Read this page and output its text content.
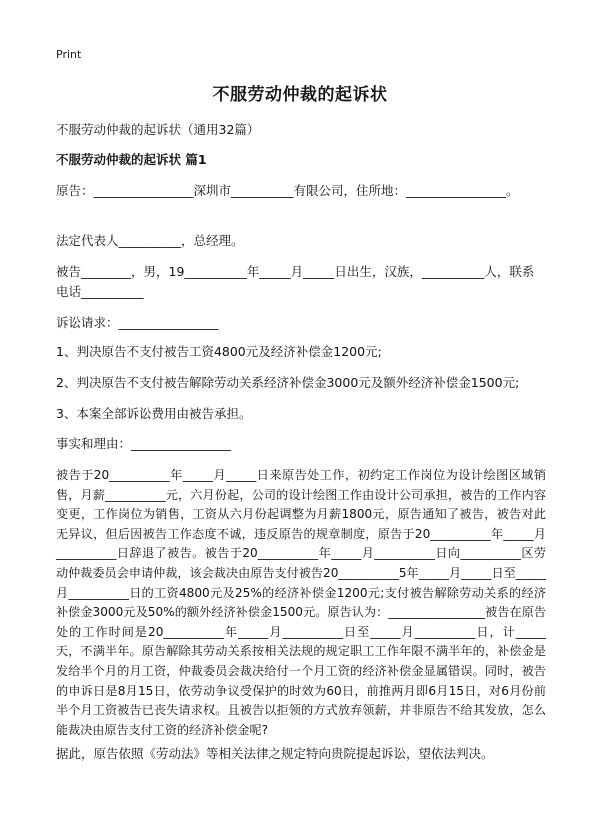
Print
不服劳动仲裁的起诉状

不服劳动仲裁的起诉状（通用32篇）

不服劳动仲裁的起诉状 篇1

原告：________________深圳市__________有限公司，住所地：________________。

法定代表人__________，总经理。

被告________，男，19__________年_____月_____日出生，汉族，__________人，联系电话__________

诉讼请求：________________

1、判决原告不支付被告工资4800元及经济补偿金1200元;

2、判决原告不支付被告解除劳动关系经济补偿金3000元及额外经济补偿金1500元;

3、本案全部诉讼费用由被告承担。

事实和理由：________________

被告于20__________年_____月_____日来原告处工作，初约定工作岗位为设计绘图区域销售，月薪__________元，六月份起，公司的设计绘图工作由设计公司承担，被告的工作内容变更，工作岗位为销售，工资从六月份起调整为月薪1800元，原告通知了被告，被告对此无异议，但后因被告工作态度不诚，违反原告的规章制度，原告于20__________年_____月__________日辞退了被告。被告于20__________年_____月__________日向__________区劳动仲裁委员会申请仲裁，该会裁决由原告支付被告20__________5年_____月_____日至_____月__________日的工资4800元及25%的经济补偿金1200元;支付被告解除劳动关系的经济补偿金3000元及50%的额外经济补偿金1500元。原告认为：________________被告在原告处的工作时间是20__________年_____月__________日至_____月__________日，计_____天，不满半年。原告解除其劳动关系按相关法规的规定职工工作年限不满半年的，补偿金是发给半个月的月工资，仲裁委员会裁决给付一个月工资的经济补偿金显属错误。同时，被告的申诉日是8月15日，依劳动争议受保护的时效为60日，前推两月即6月15日，对6月份前半个月工资被告已丧失请求权。且被告以拒领的方式放弃领薪，并非原告不给其发放，怎么能裁决由原告支付工资的经济补偿金呢?

据此，原告依照《劳动法》等相关法律之规定特向贵院提起诉讼，望依法判决。
